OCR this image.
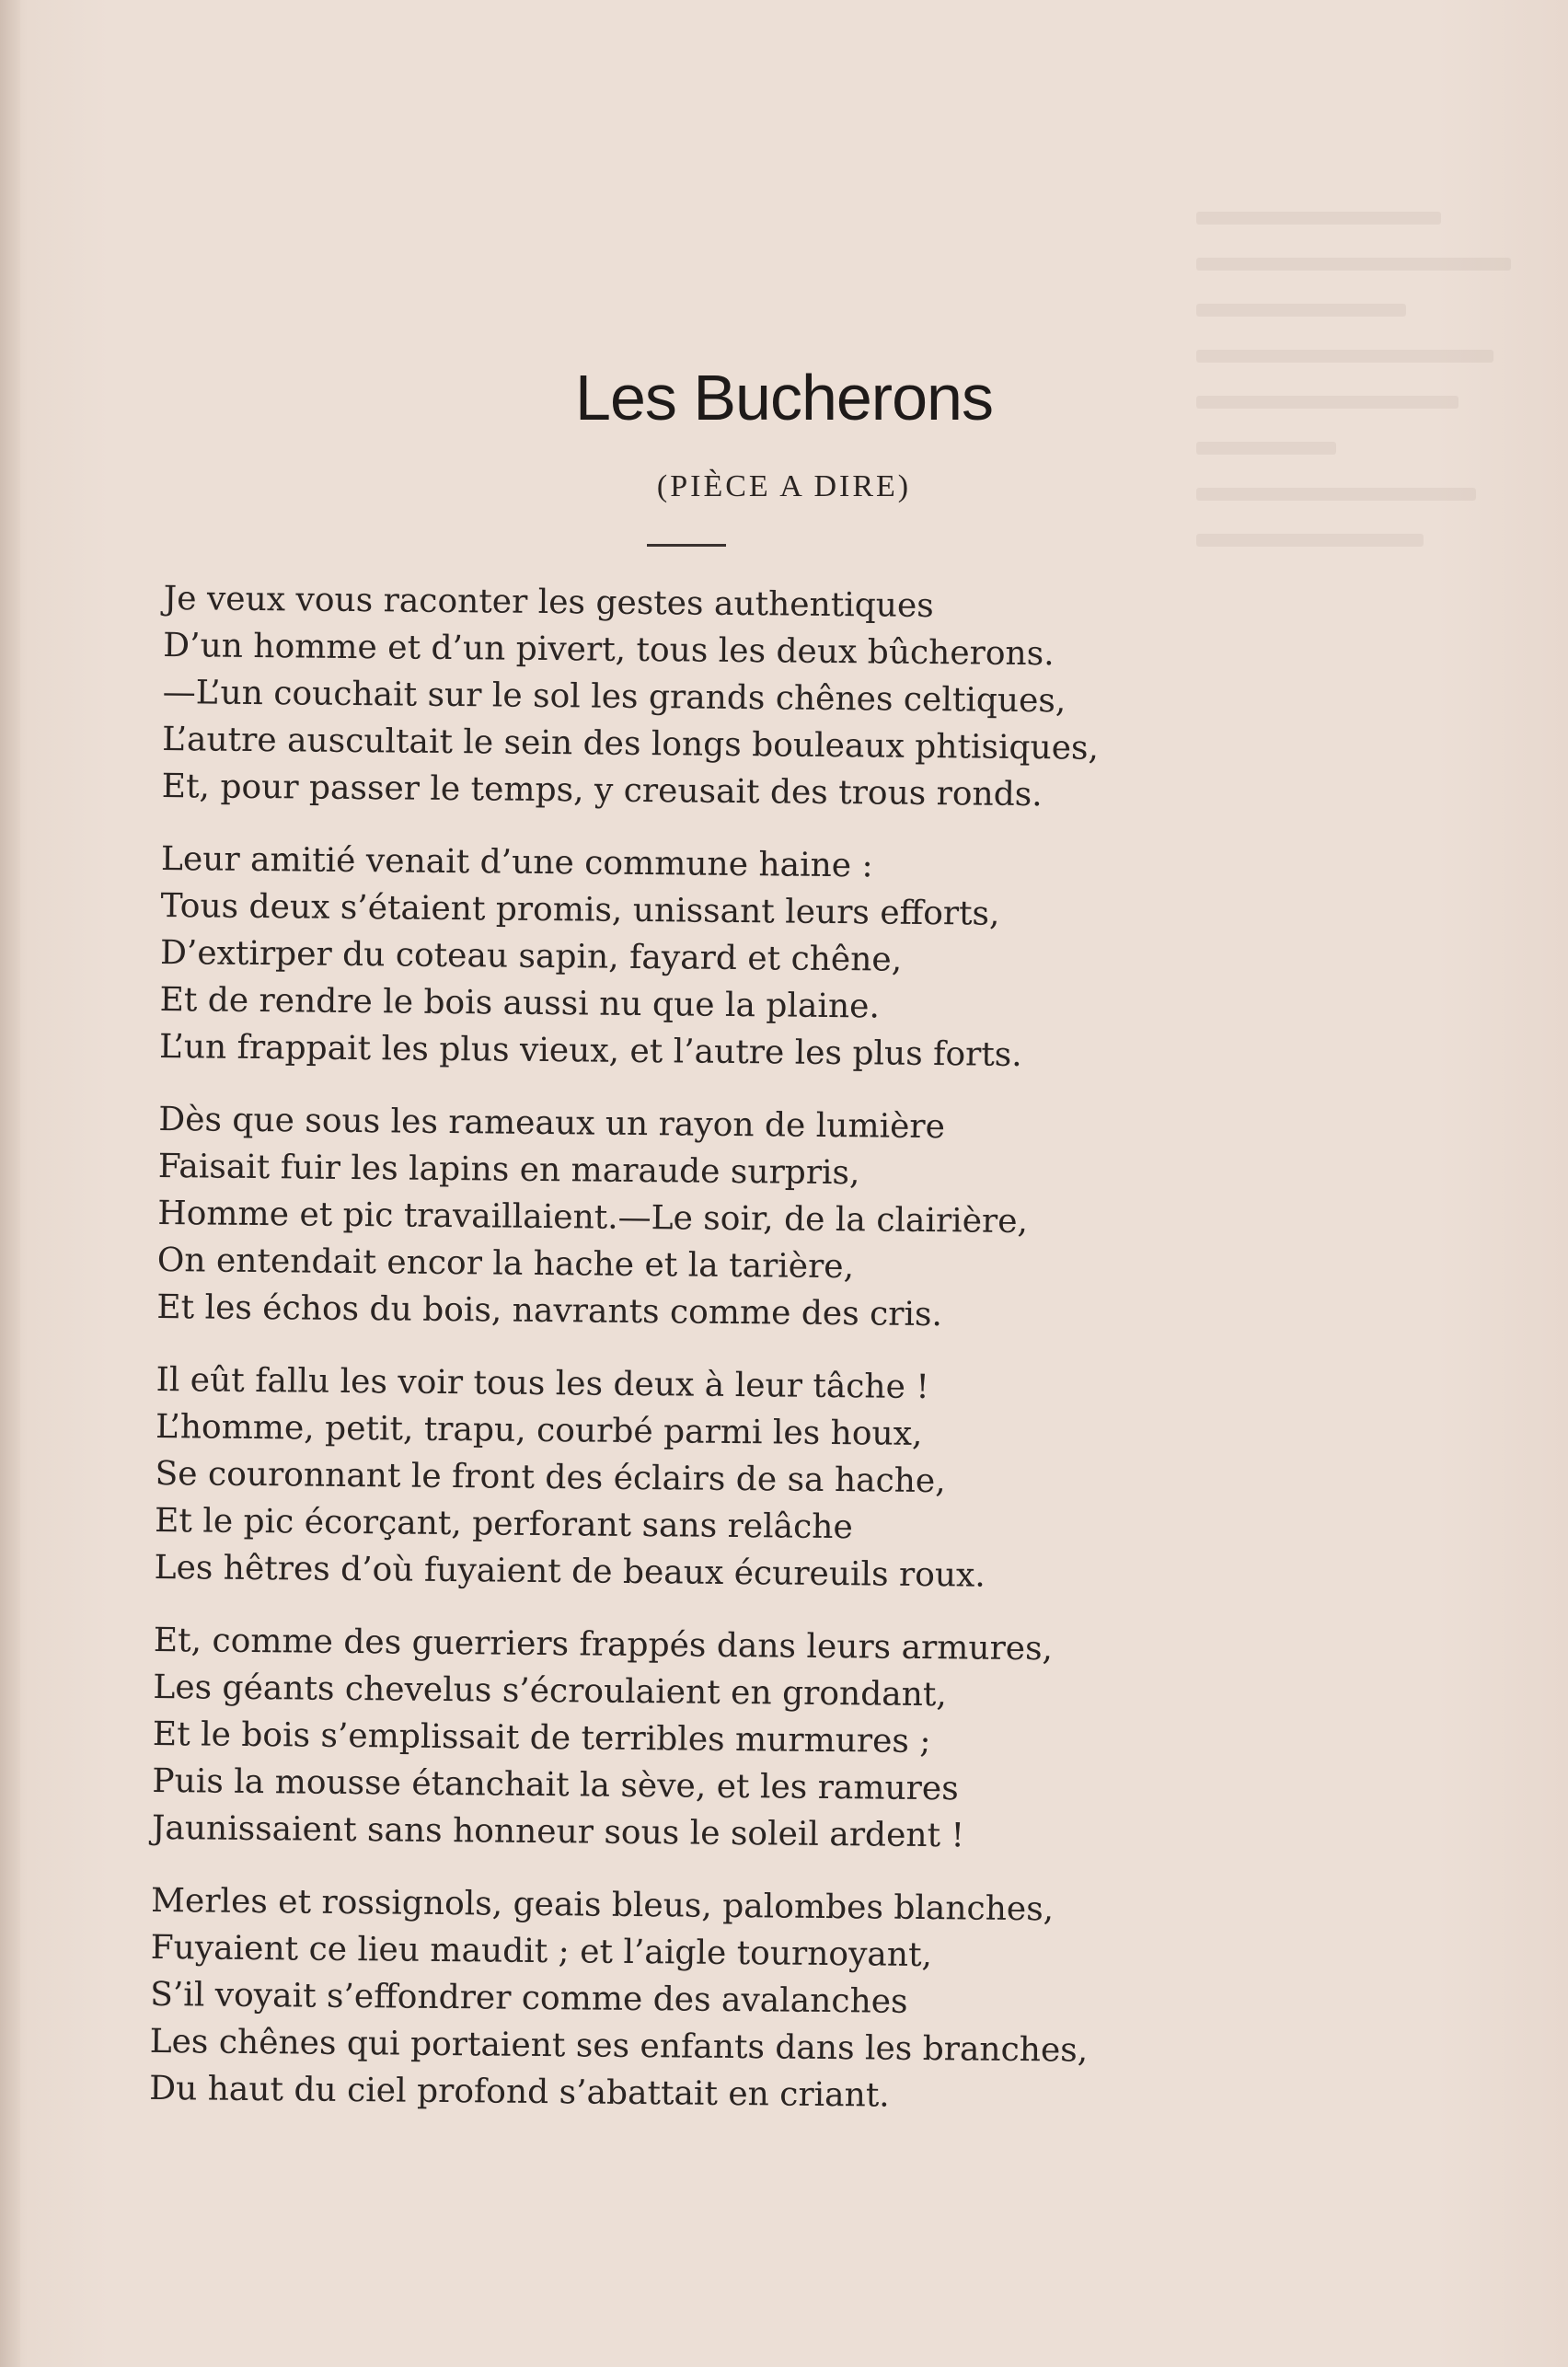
Les Bucherons
(PIÈCE A DIRE)
Je veux vous raconter les gestes authentiques
D’un homme et d’un pivert, tous les deux bûcherons.
—L’un couchait sur le sol les grands chênes celtiques,
L’autre auscultait le sein des longs bouleaux phtisiques,
Et, pour passer le temps, y creusait des trous ronds.
Leur amitié venait d’une commune haine :
Tous deux s’étaient promis, unissant leurs efforts,
D’extirper du coteau sapin, fayard et chêne,
Et de rendre le bois aussi nu que la plaine.
L’un frappait les plus vieux, et l’autre les plus forts.
Dès que sous les rameaux un rayon de lumière
Faisait fuir les lapins en maraude surpris,
Homme et pic travaillaient.—Le soir, de la clairière,
On entendait encor la hache et la tarière,
Et les échos du bois, navrants comme des cris.
Il eût fallu les voir tous les deux à leur tâche !
L’homme, petit, trapu, courbé parmi les houx,
Se couronnant le front des éclairs de sa hache,
Et le pic écorçant, perforant sans relâche
Les hêtres d’où fuyaient de beaux écureuils roux.
Et, comme des guerriers frappés dans leurs armures,
Les géants chevelus s’écroulaient en grondant,
Et le bois s’emplissait de terribles murmures ;
Puis la mousse étanchait la sève, et les ramures
Jaunissaient sans honneur sous le soleil ardent !
Merles et rossignols, geais bleus, palombes blanches,
Fuyaient ce lieu maudit ; et l’aigle tournoyant,
S’il voyait s’effondrer comme des avalanches
Les chênes qui portaient ses enfants dans les branches,
Du haut du ciel profond s’abattait en criant.
